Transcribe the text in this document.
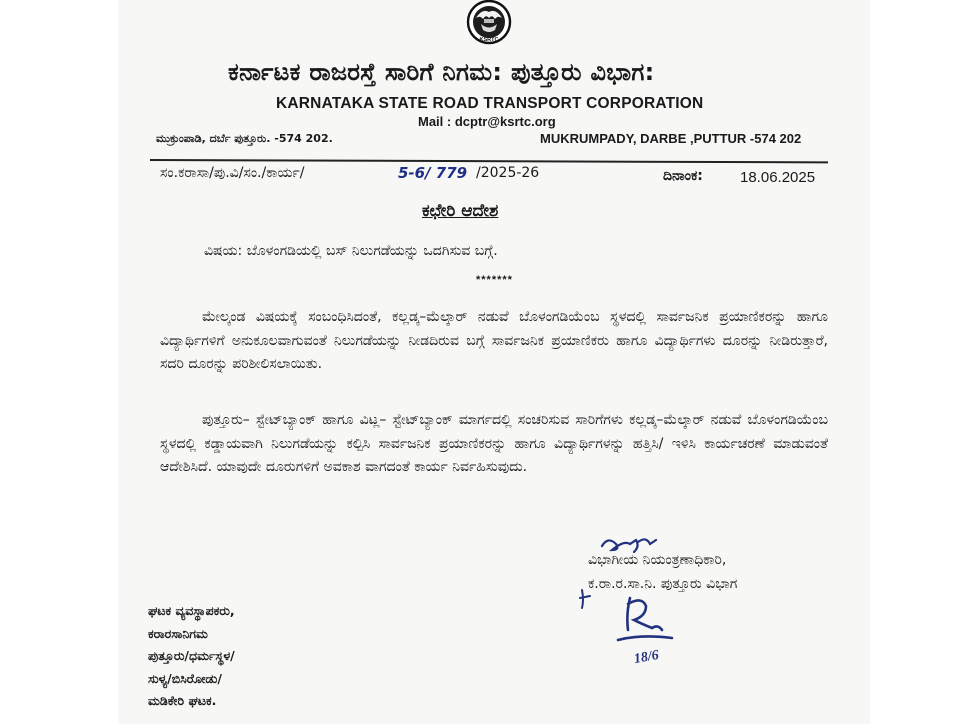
KSRTC
ಕರ್ನಾಟಕ ರಾಜರಸ್ತೆ ಸಾರಿಗೆ ನಿಗಮ: ಪುತ್ತೂರು ವಿಭಾಗ:
KARNATAKA STATE ROAD TRANSPORT CORPORATION
Mail : dcptr@ksrtc.org
ಮುಕ್ರುಂಪಾಡಿ, ದರ್ಬೆ ಪುತ್ತೂರು. -574 202.	MUKRUMPADY, DARBE ,PUTTUR -574 202
ಸಂ.ಕರಾಸಾ/ಪು.ವಿ/ಸಂ./ಕಾರ್ಯ/	5-6/ 779 /2025-26	ದಿನಾಂಕ: 18.06.2025
ಕಛೇರಿ ಆದೇಶ
ವಿಷಯ: ಬೊಳಂಗಡಿಯಲ್ಲಿ ಬಸ್ ನಿಲುಗಡೆಯನ್ನು ಒದಗಿಸುವ ಬಗ್ಗೆ.
*******

ಮೇಲ್ಕಂಡ ವಿಷಯಕ್ಕೆ ಸಂಬಂಧಿಸಿದಂತೆ, ಕಲ್ಲಡ್ಕ–ಮೆಲ್ಕಾರ್ ನಡುವೆ ಬೊಳಂಗಡಿಯೆಂಬ ಸ್ಥಳದಲ್ಲಿ ಸಾರ್ವಜನಿಕ ಪ್ರಯಾಣಿಕರನ್ನು ಹಾಗೂ ವಿದ್ಯಾರ್ಥಿಗಳಿಗೆ ಅನುಕೂಲವಾಗುವಂತೆ ನಿಲುಗಡೆಯನ್ನು ನೀಡದಿರುವ ಬಗ್ಗೆ ಸಾರ್ವಜನಿಕ ಪ್ರಯಾಣಿಕರು ಹಾಗೂ ವಿದ್ಯಾರ್ಥಿಗಳು ದೂರನ್ನು ನೀಡಿರುತ್ತಾರೆ, ಸದರಿ ದೂರನ್ನು ಪರಿಶೀಲಿಸಲಾಯಿತು.

ಪುತ್ತೂರು– ಸ್ಟೇಟ್‌ಬ್ಯಾಂಕ್ ಹಾಗೂ ವಿಟ್ಲ– ಸ್ಟೇಟ್‌ಬ್ಯಾಂಕ್ ಮಾರ್ಗದಲ್ಲಿ ಸಂಚರಿಸುವ ಸಾರಿಗೆಗಳು ಕಲ್ಲಡ್ಕ–ಮೆಲ್ಕಾರ್ ನಡುವೆ ಬೊಳಂಗಡಿಯೆಂಬ ಸ್ಥಳದಲ್ಲಿ ಕಡ್ಡಾಯವಾಗಿ ನಿಲುಗಡೆಯನ್ನು ಕಲ್ಪಿಸಿ ಸಾರ್ವಜನಿಕ ಪ್ರಯಾಣಿಕರನ್ನು ಹಾಗೂ ವಿದ್ಯಾರ್ಥಿಗಳನ್ನು ಹತ್ತಿಸಿ/ ಇಳಿಸಿ ಕಾರ್ಯಚರಣೆ ಮಾಡುವಂತೆ ಆದೇಶಿಸಿದೆ. ಯಾವುದೇ ದೂರುಗಳಿಗೆ ಅವಕಾಶ ವಾಗದಂತೆ ಕಾರ್ಯ ನಿರ್ವಹಿಸುವುದು.

ವಿಭಾಗೀಯ ನಿಯಂತ್ರಣಾಧಿಕಾರಿ,
ಕ.ರಾ.ರ.ಸಾ.ನಿ. ಪುತ್ತೂರು ವಿಭಾಗ
18/6
ಘಟಕ ವ್ಯವಸ್ಥಾಪಕರು,
ಕರಾರಸಾನಿಗಮ
ಪುತ್ತೂರು/ಧರ್ಮಸ್ಥಳ/
ಸುಳ್ಯ/ಬಿಸಿರೋಡು/
ಮಡಿಕೇರಿ ಘಟಕ.
